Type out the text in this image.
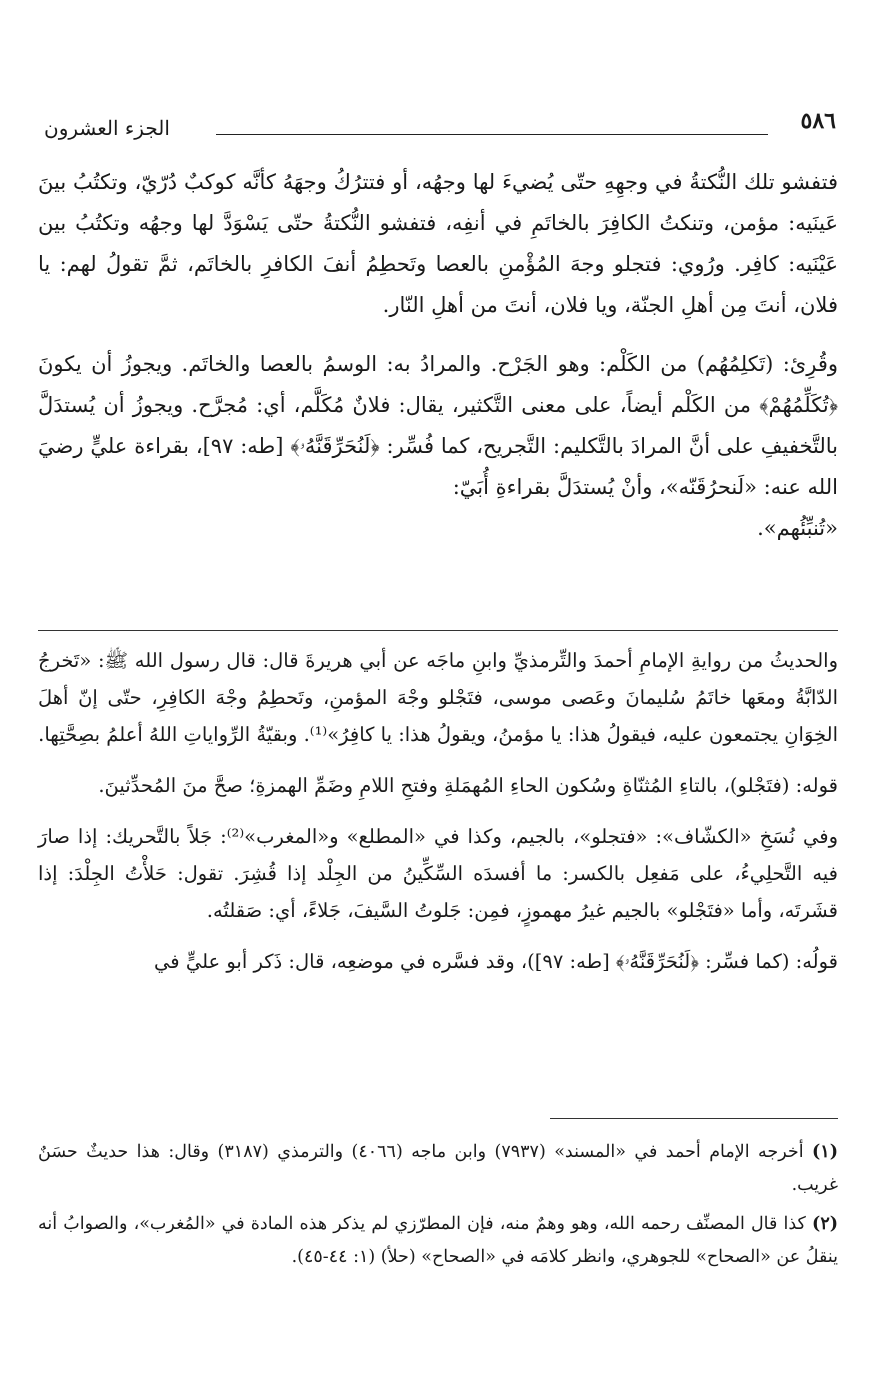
٥٨٦
الجزء العشرون

فتفشو تلك النُّكتةُ في وجهِهِ حتّى يُضيءَ لها وجهُه، أو فتترُكُ وجهَهُ كأنَّه كوكبٌ دُرّيّ، وتكتُبُ بينَ عَينَيه: مؤمن، وتنكتُ الكافِرَ بالخاتَمِ في أنفِه، فتفشو النُّكتةُ حتّى يَسْوَدَّ لها وجهُه وتكتُبُ بين عَيْنَيه: كافِر. ورُوي: فتجلو وجهَ المُؤْمنِ بالعصا وتَحطِمُ أنفَ الكافرِ بالخاتَم، ثمَّ تقولُ لهم: يا فلان، أنتَ مِن أهلِ الجنّة، ويا فلان، أنتَ من أهلِ النّار.

وقُرِئ: (تَكلِمُهُم) من الكَلْم: وهو الجَرْح. والمرادُ به: الوسمُ بالعصا والخاتَم. ويجوزُ أن يكونَ ﴿تُكَلِّمُهُمْ﴾ من الكَلْم أيضاً، على معنى التَّكثير، يقال: فلانٌ مُكَلَّم، أي: مُجرَّح. ويجوزُ أن يُستدَلَّ بالتَّخفيفِ على أنَّ المرادَ بالتَّكليم: التَّجريح، كما فُسِّر: ﴿لَنُحَرِّقَنَّهُۥ﴾ [طه: ٩٧]، بقراءة عليٍّ رضيَ الله عنه: «لَنحرُقَنّه»، وأنْ يُستدَلَّ بقراءةِ أُبَيّ:

«تُنبِّئُهم».

والحديثُ من روايةِ الإمامِ أحمدَ والتِّرمذيِّ وابنِ ماجَه عن أبي هريرةَ قال: قال رسول الله ﷺ: «تَخرجُ الدّابَّةُ ومعَها خاتَمُ سُليمانَ وعَصى موسى، فتَجْلو وجْهَ المؤمنِ، وتَحطِمُ وجْهَ الكافِرِ، حتّى إنّ أهلَ الخِوَانِ يجتمعون عليه، فيقولُ هذا: يا مؤمنُ، ويقولُ هذا: يا كافِرُ»⁽¹⁾. وبقيّةُ الرِّواياتِ اللهُ أعلمُ بصِحَّتِها.

قوله: (فتَجْلو)، بالتاءِ المُثنّاةِ وسُكون الحاءِ المُهمَلةِ وفتحِ اللامِ وضَمِّ الهمزةِ؛ صحَّ منَ المُحدِّثينَ.

وفي نُسَخِ «الكشّاف»: «فتجلو»، بالجيم، وكذا في «المطلع» و«المغرب»⁽²⁾: جَلاً بالتَّحريك: إذا صارَ فيه التَّحلِيءُ، على مَفعِل بالكسر: ما أفسدَه السِّكِّينُ من الجِلْد إذا قُشِرَ. تقول: حَلأْتُ الجِلْدَ: إذا قشَرتَه، وأما «فتَجْلو» بالجيم غيرُ مهموزٍ، فمِن: جَلوتُ السَّيفَ، جَلاءً، أي: صَقلتُه.

قولُه: (كما فسِّر: ﴿لَنُحَرِّقَنَّهُۥ﴾ [طه: ٩٧])، وقد فسَّره في موضعِه، قال: ذَكر أبو عليٍّ في

(١) أخرجه الإمام أحمد في «المسند» (٧٩٣٧) وابن ماجه (٤٠٦٦) والترمذي (٣١٨٧) وقال: هذا حديثٌ حسَنٌ غريب.

(٢) كذا قال المصنِّف رحمه الله، وهو وهمٌ منه، فإن المطرّزي لم يذكر هذه المادة في «المُغرب»، والصوابُ أنه ينقلُ عن «الصحاح» للجوهري، وانظر كلامَه في «الصحاح» (حلأ) (١: ٤٤-٤٥).
